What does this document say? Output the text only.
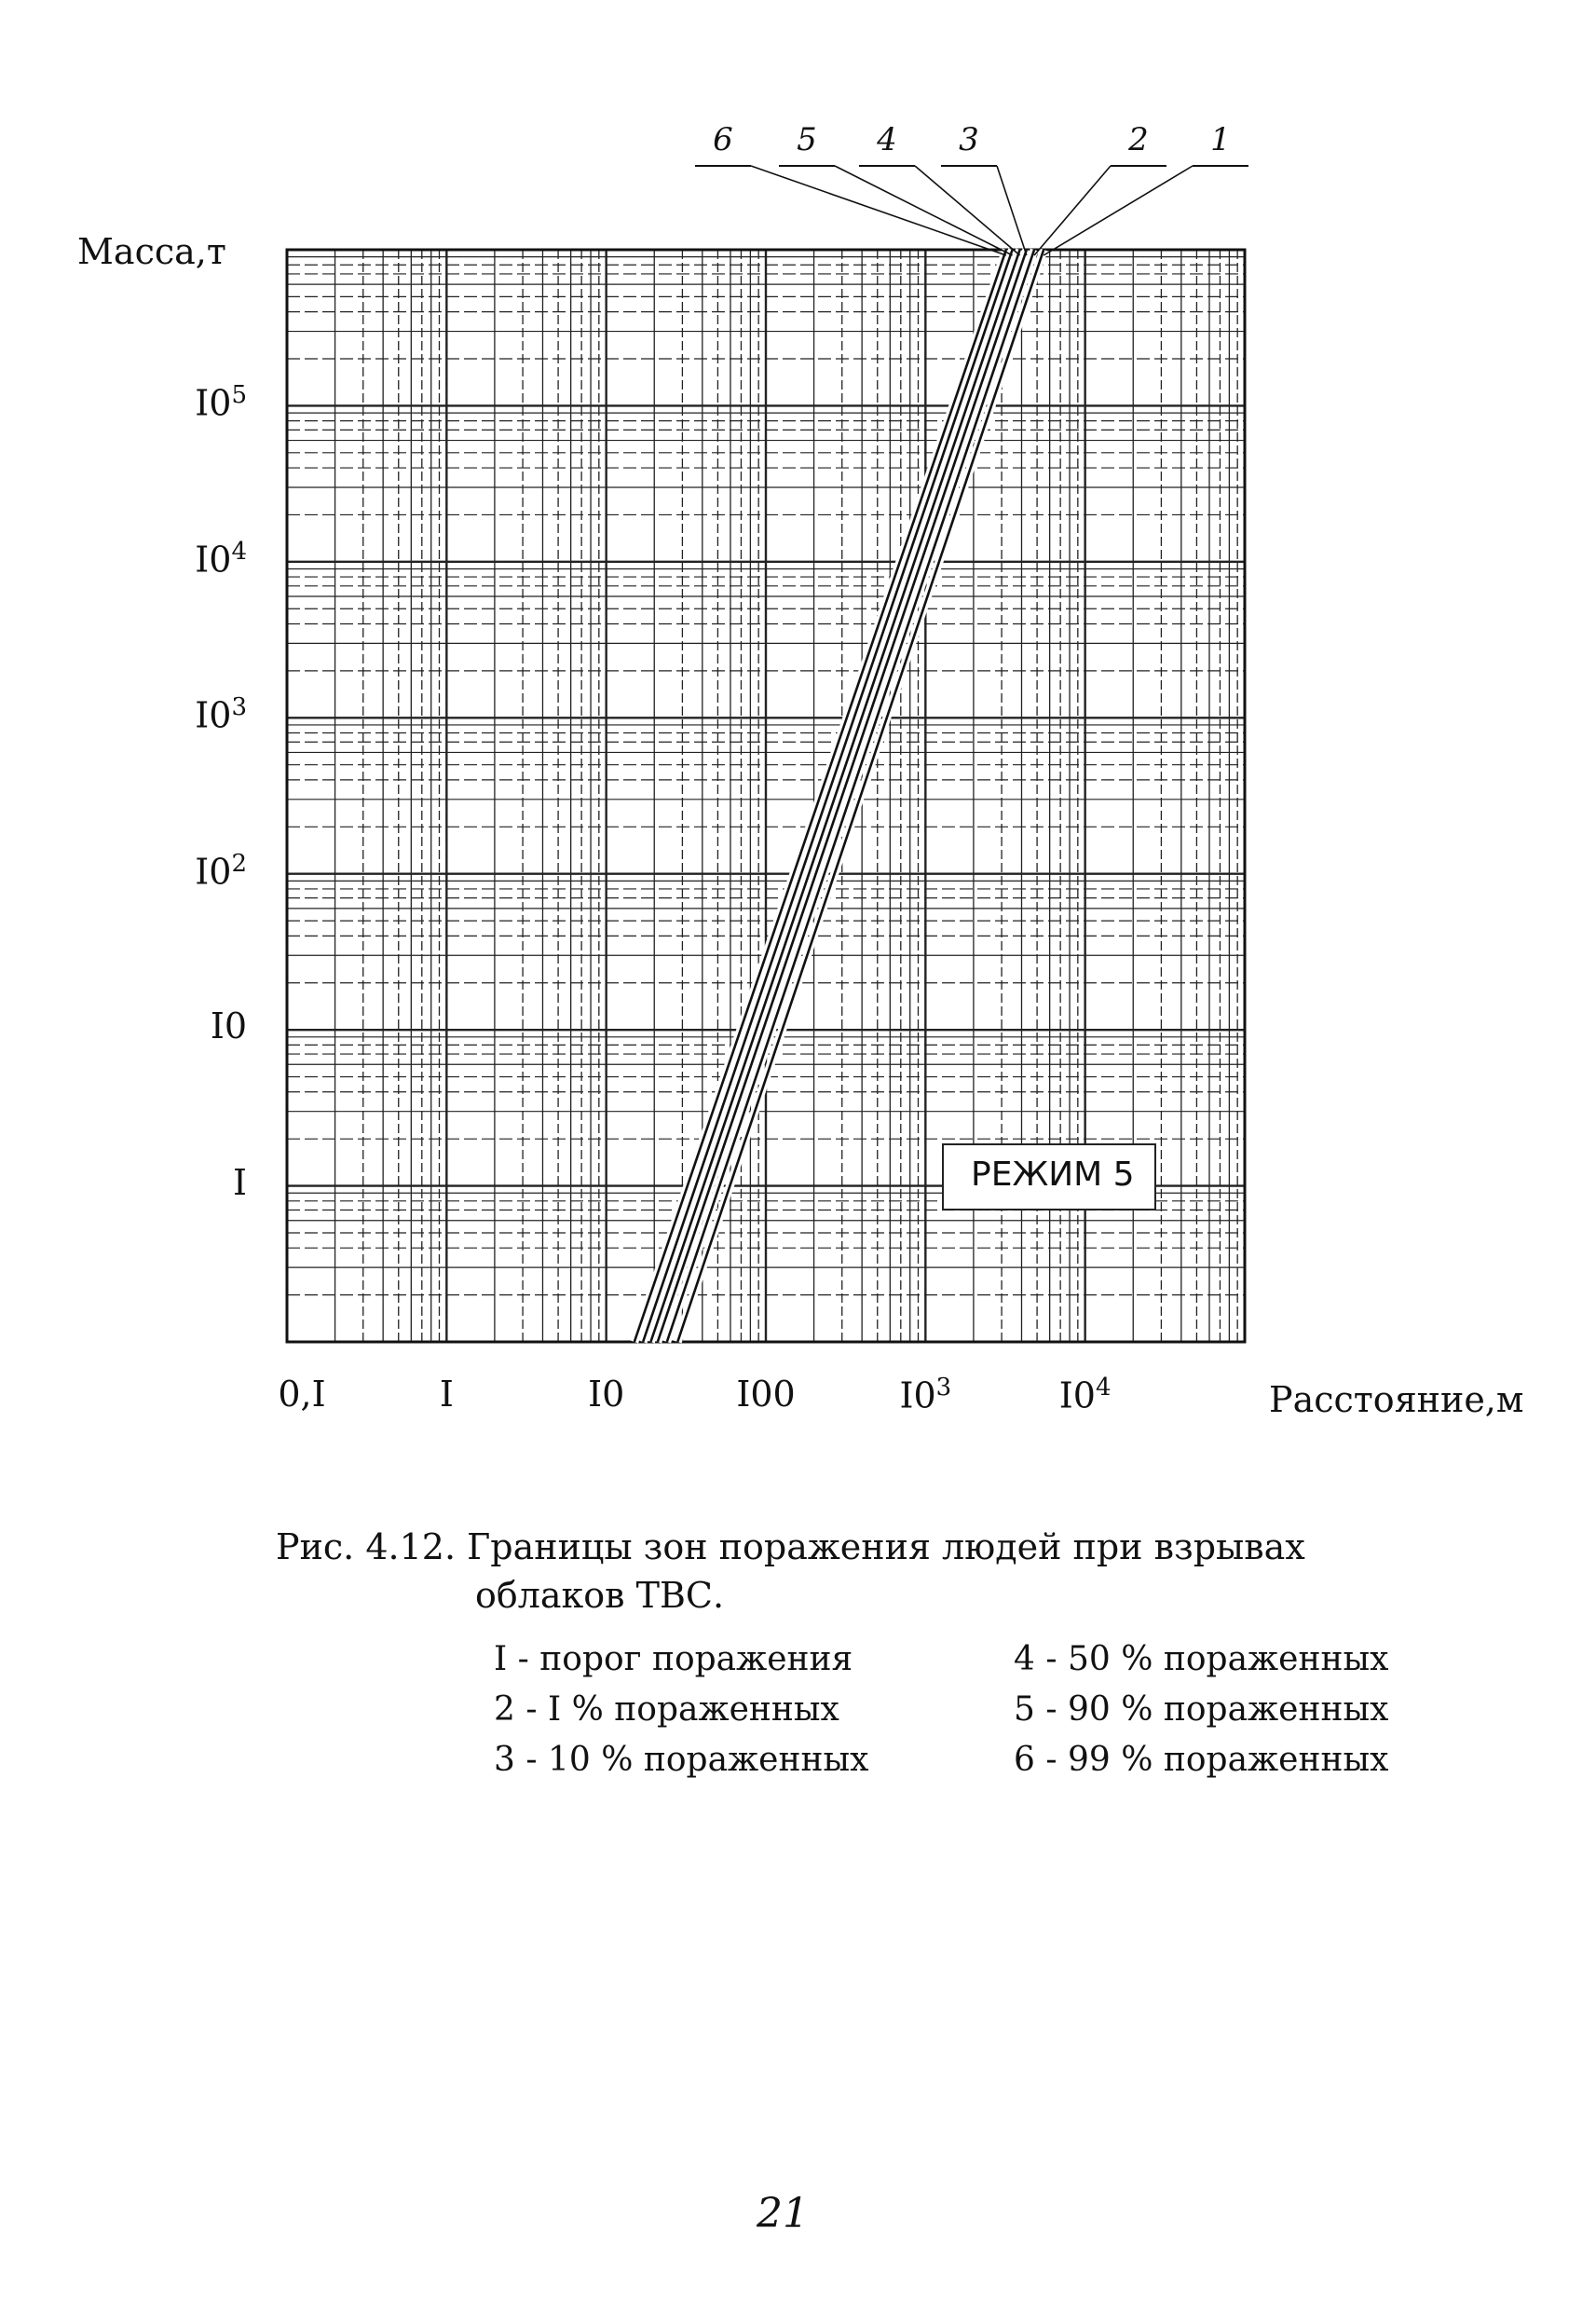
Масса,т
Расстояние,м
$I0^5$
$I0^4$
$I0^3$
$I0^2$
I0
I
0,I	I	I0	I00	$I0^3$	$I0^4$
6 5 4 3	2 1
РЕЖИМ 5
Рис. 4.12. Границы зон поражения людей при взрывах
облаков ТВС.
I - порог поражения
2 - I % пораженных
3 - 10 % пораженных
4 - 50 % пораженных
5 - 90 % пораженных
6 - 99 % пораженных
21
